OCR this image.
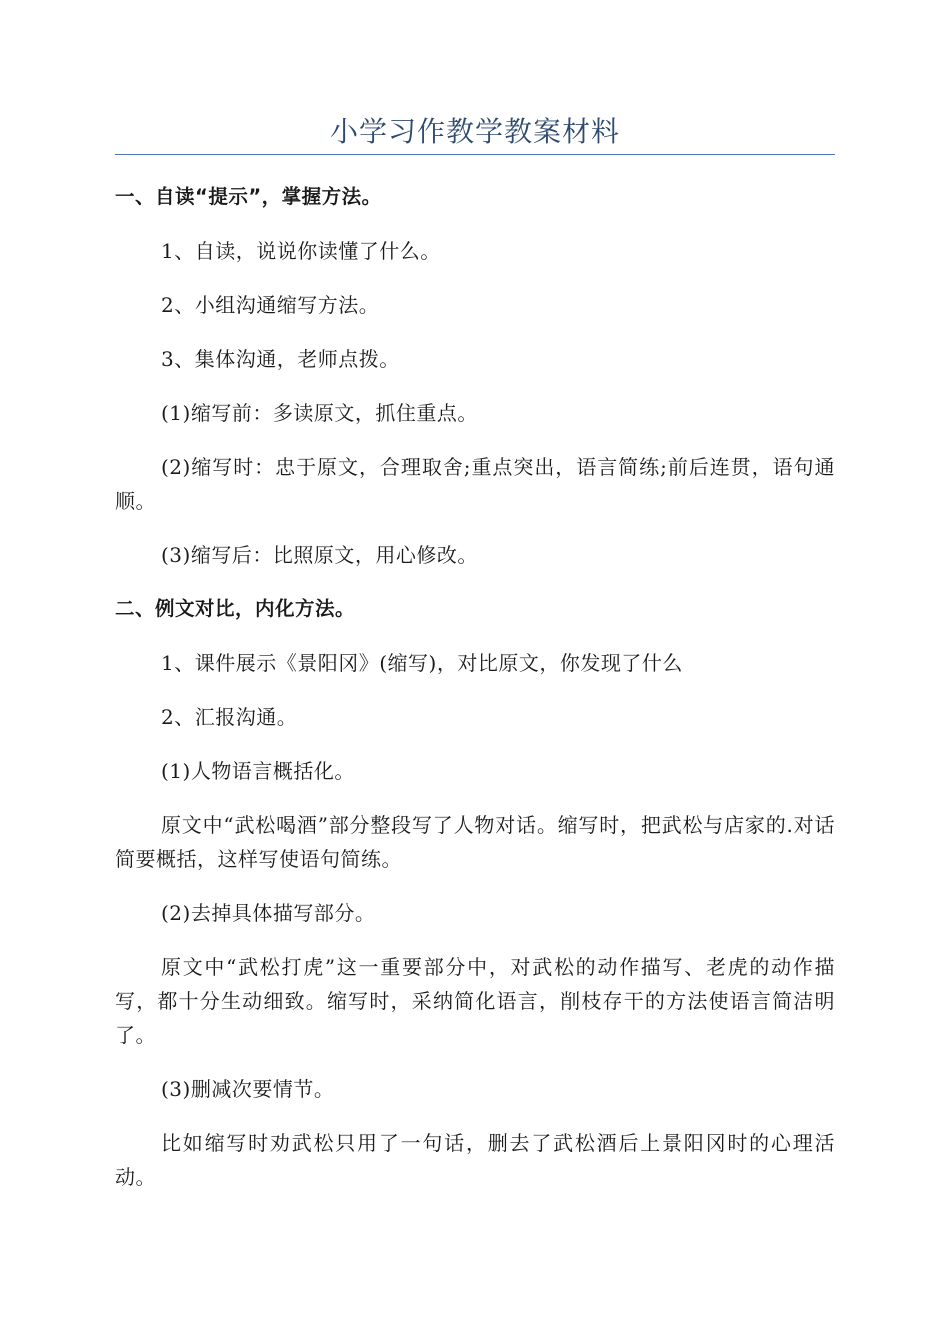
小学习作教学教案材料

一、自读“提示”，掌握方法。

1、自读，说说你读懂了什么。

2、小组沟通缩写方法。

3、集体沟通，老师点拨。

(1)缩写前：多读原文，抓住重点。

(2)缩写时：忠于原文，合理取舍;重点突出，语言简练;前后连贯，语句通顺。

(3)缩写后：比照原文，用心修改。

二、例文对比，内化方法。

1、课件展示《景阳冈》(缩写)，对比原文，你发现了什么

2、汇报沟通。

(1)人物语言概括化。

原文中“武松喝酒”部分整段写了人物对话。缩写时，把武松与店家的.对话简要概括，这样写使语句简练。

(2)去掉具体描写部分。

原文中“武松打虎”这一重要部分中，对武松的动作描写、老虎的动作描写，都十分生动细致。缩写时，采纳简化语言，削枝存干的方法使语言简洁明了。

(3)删减次要情节。

比如缩写时劝武松只用了一句话，删去了武松酒后上景阳冈时的心理活动。
